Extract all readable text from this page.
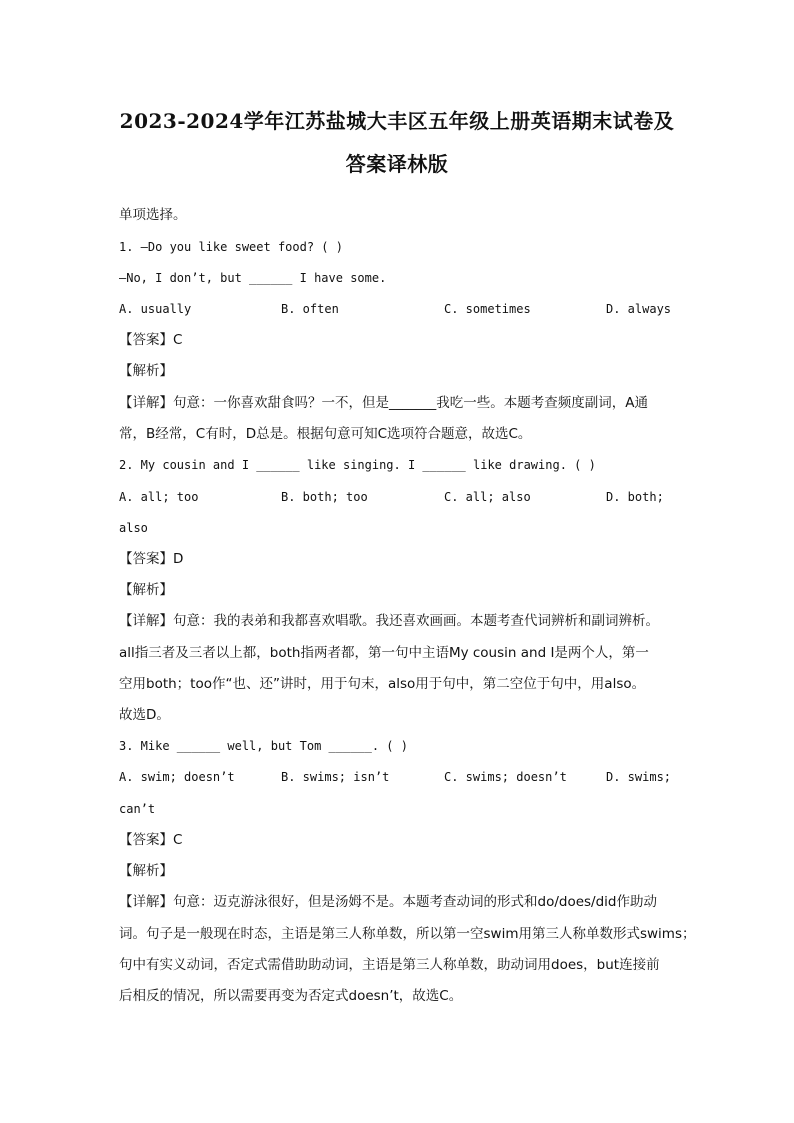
2023-2024学年江苏盐城大丰区五年级上册英语期末试卷及
答案译林版
单项选择。
1. —Do you like sweet food? ( )
—No, I don’t, but ______ I have some.
A. usually	B. often	C. sometimes	D. always
【答案】C
【解析】
【详解】句意：一你喜欢甜食吗？一不，但是_______我吃一些。本题考查频度副词，A通
常，B经常，C有时，D总是。根据句意可知C选项符合题意，故选C。
2. My cousin and I ______ like singing. I ______ like drawing. ( )
A. all; too	B. both; too	C. all; also	D. both;
also
【答案】D
【解析】
【详解】句意：我的表弟和我都喜欢唱歌。我还喜欢画画。本题考查代词辨析和副词辨析。
all指三者及三者以上都，both指两者都，第一句中主语My cousin and I是两个人，第一
空用both；too作“也、还”讲时，用于句末，also用于句中，第二空位于句中，用also。
故选D。
3. Mike ______ well, but Tom ______. ( )
A. swim; doesn’t	B. swims; isn’t	C. swims; doesn’t	D. swims;
can’t
【答案】C
【解析】
【详解】句意：迈克游泳很好，但是汤姆不是。本题考查动词的形式和do/does/did作助动
词。句子是一般现在时态，主语是第三人称单数，所以第一空swim用第三人称单数形式swims；
句中有实义动词，否定式需借助助动词，主语是第三人称单数，助动词用does，but连接前
后相反的情况，所以需要再变为否定式doesn’t，故选C。
